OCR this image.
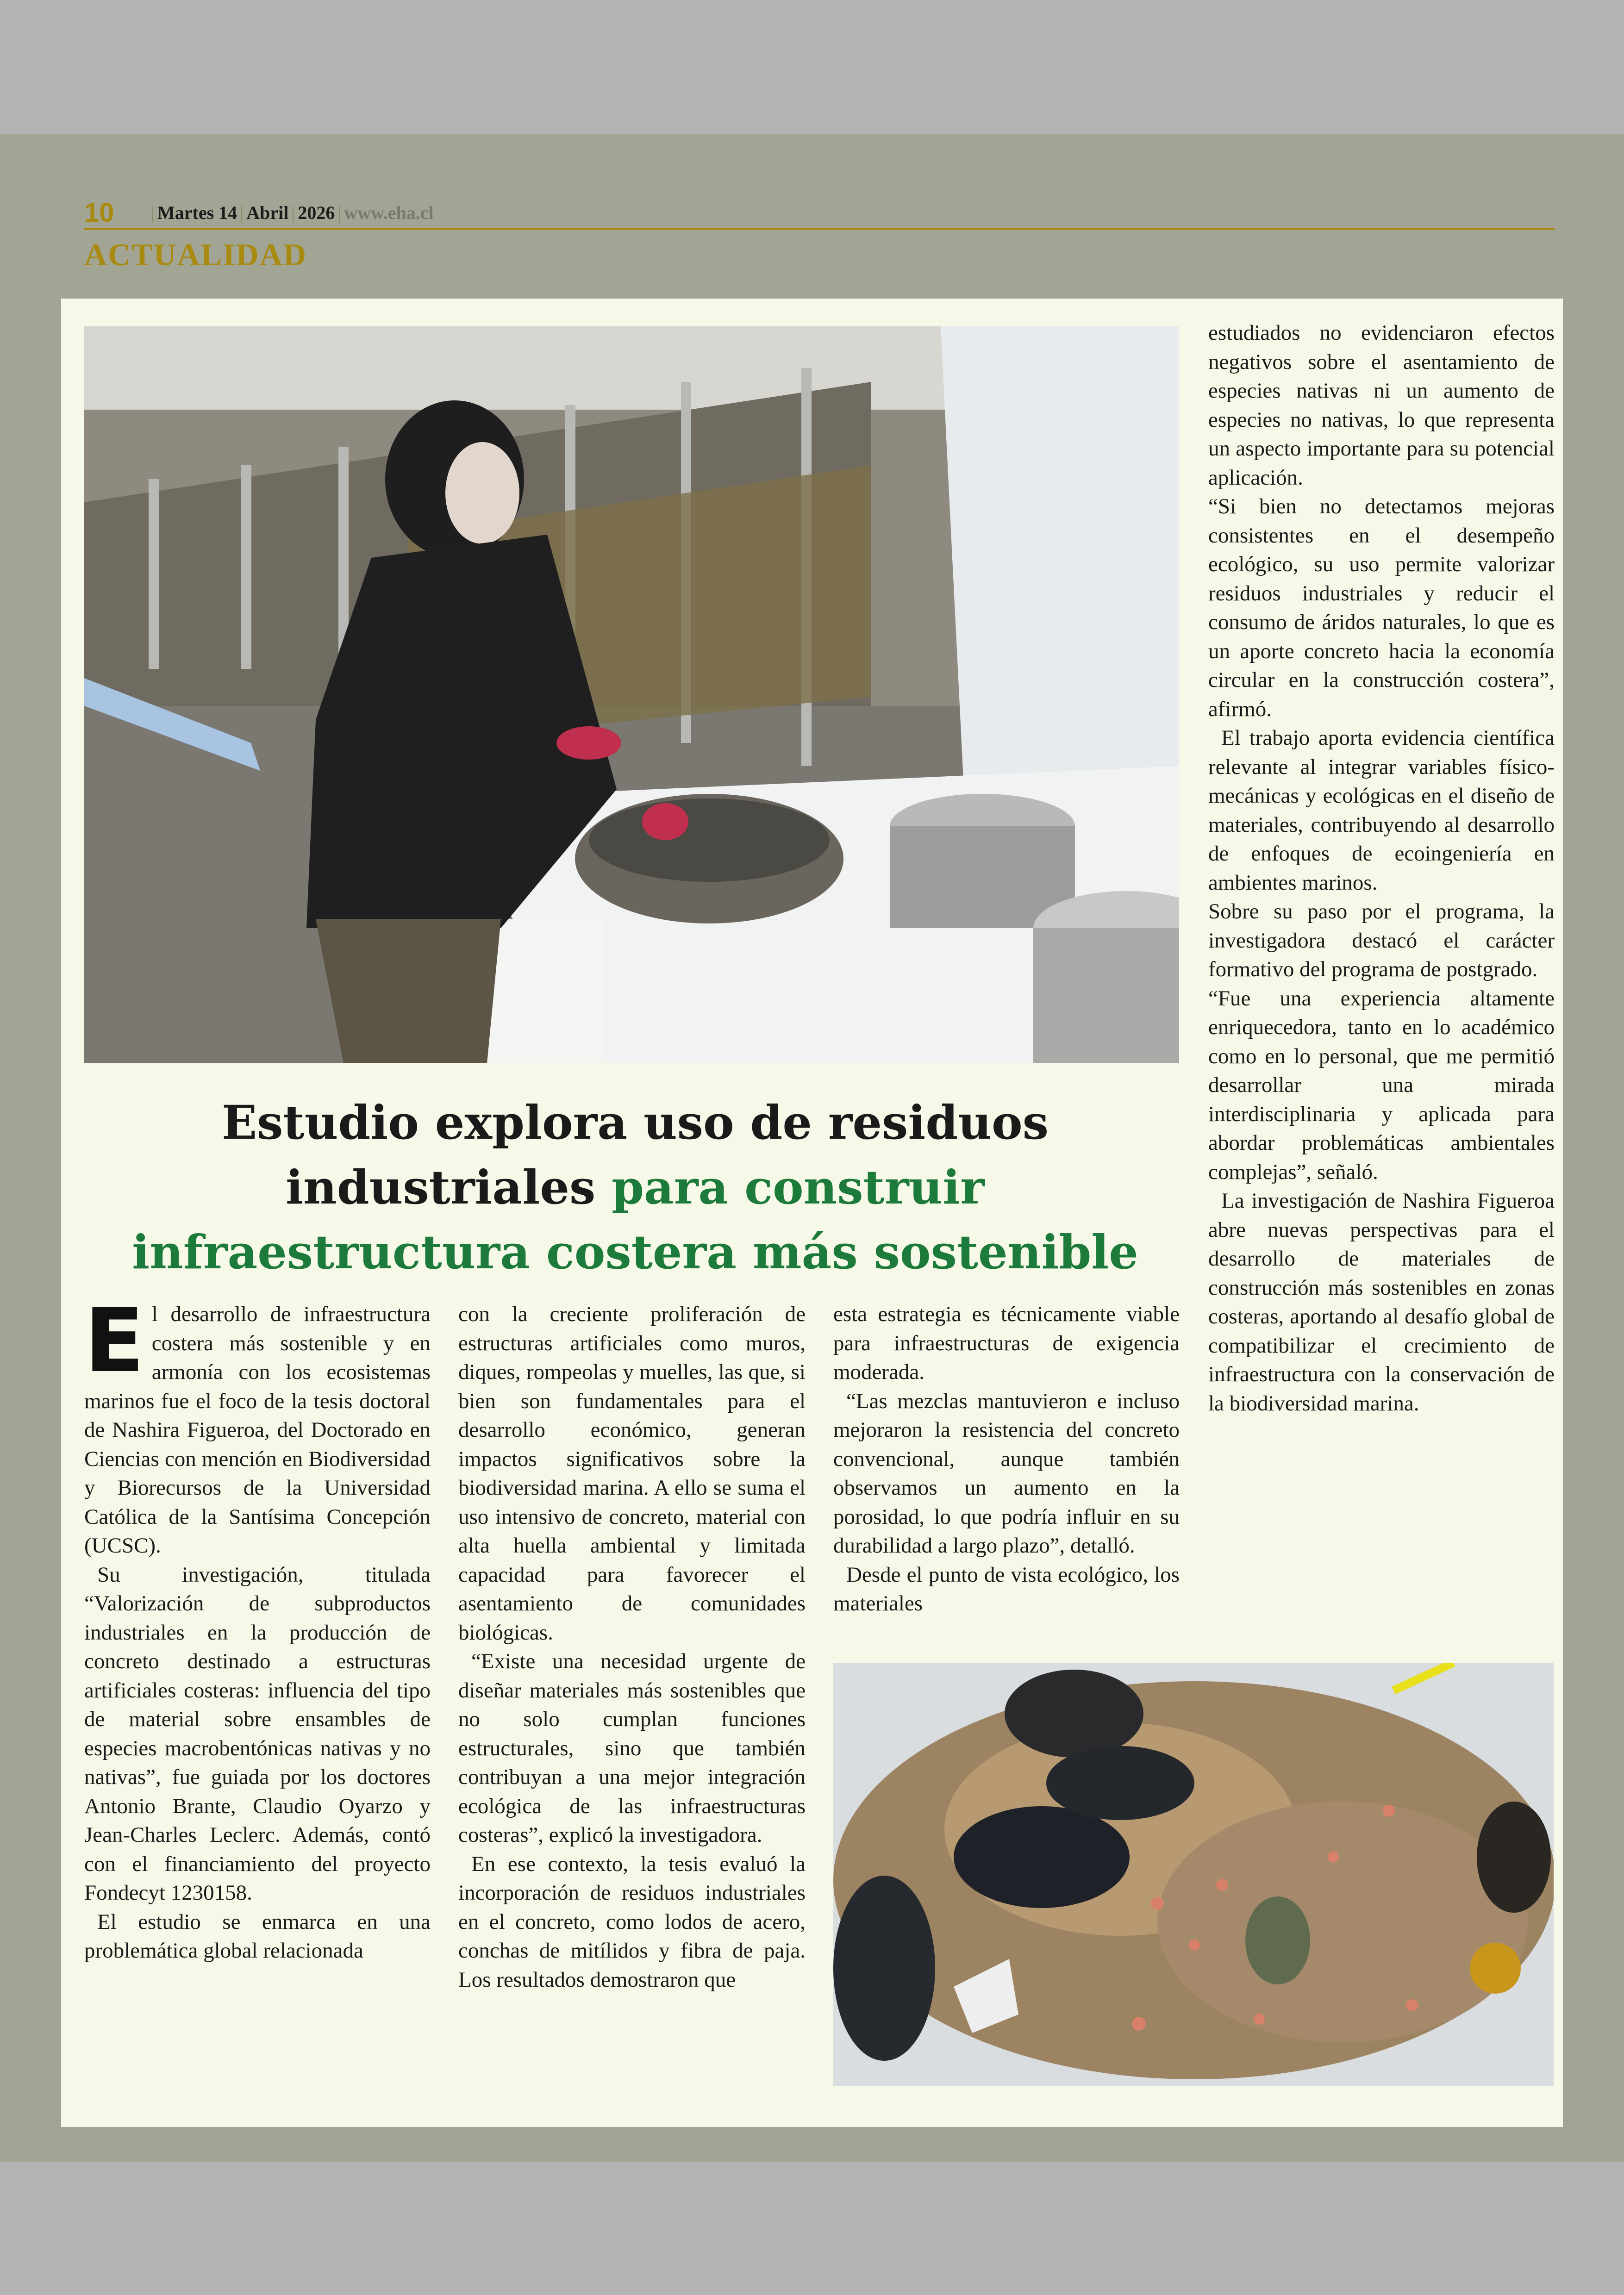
10 | Martes 14 | Abril | 2026 | www.eha.cl
ACTUALIDAD
Estudio explora uso de residuos industriales para construir infraestructura costera más sostenible

El desarrollo de infraestructura costera más sostenible y en armonía con los ecosistemas marinos fue el foco de la tesis doctoral de Nashira Figueroa, del Doctorado en Ciencias con mención en Biodiversidad y Biorecursos de la Universidad Católica de la Santísima Concepción (UCSC).

Su investigación, titulada “Valorización de subproductos industriales en la producción de concreto destinado a estructuras artificiales costeras: influencia del tipo de material sobre ensambles de especies macrobentónicas nativas y no nativas”, fue guiada por los doctores Antonio Brante, Claudio Oyarzo y Jean-Charles Leclerc. Además, contó con el financiamiento del proyecto Fondecyt 1230158.

El estudio se enmarca en una problemática global relacionada

con la creciente proliferación de estructuras artificiales como muros, diques, rompeolas y muelles, las que, si bien son fundamentales para el desarrollo económico, generan impactos significativos sobre la biodiversidad marina. A ello se suma el uso intensivo de concreto, material con alta huella ambiental y limitada capacidad para favorecer el asentamiento de comunidades biológicas.

“Existe una necesidad urgente de diseñar materiales más sostenibles que no solo cumplan funciones estructurales, sino que también contribuyan a una mejor integración ecológica de las infraestructuras costeras”, explicó la investigadora.

En ese contexto, la tesis evaluó la incorporación de residuos industriales en el concreto, como lodos de acero, conchas de mitílidos y fibra de paja. Los resultados demostraron que

esta estrategia es técnicamente viable para infraestructuras de exigencia moderada.

“Las mezclas mantuvieron e incluso mejoraron la resistencia del concreto convencional, aunque también observamos un aumento en la porosidad, lo que podría influir en su durabilidad a largo plazo”, detalló.

Desde el punto de vista ecológico, los materiales

estudiados no evidenciaron efectos negativos sobre el asentamiento de especies nativas ni un aumento de especies no nativas, lo que representa un aspecto importante para su potencial aplicación.

“Si bien no detectamos mejoras consistentes en el desempeño ecológico, su uso permite valorizar residuos industriales y reducir el consumo de áridos naturales, lo que es un aporte concreto hacia la economía circular en la construcción costera”, afirmó.

El trabajo aporta evidencia científica relevante al integrar variables físico-mecánicas y ecológicas en el diseño de materiales, contribuyendo al desarrollo de enfoques de ecoingeniería en ambientes marinos.

Sobre su paso por el programa, la investigadora destacó el carácter formativo del programa de postgrado.

“Fue una experiencia altamente enriquecedora, tanto en lo académico como en lo personal, que me permitió desarrollar una mirada interdisciplinaria y aplicada para abordar problemáticas ambientales complejas”, señaló.

La investigación de Nashira Figueroa abre nuevas perspectivas para el desarrollo de materiales de construcción más sostenibles en zonas costeras, aportando al desafío global de compatibilizar el crecimiento de infraestructura con la conservación de la biodiversidad marina.
